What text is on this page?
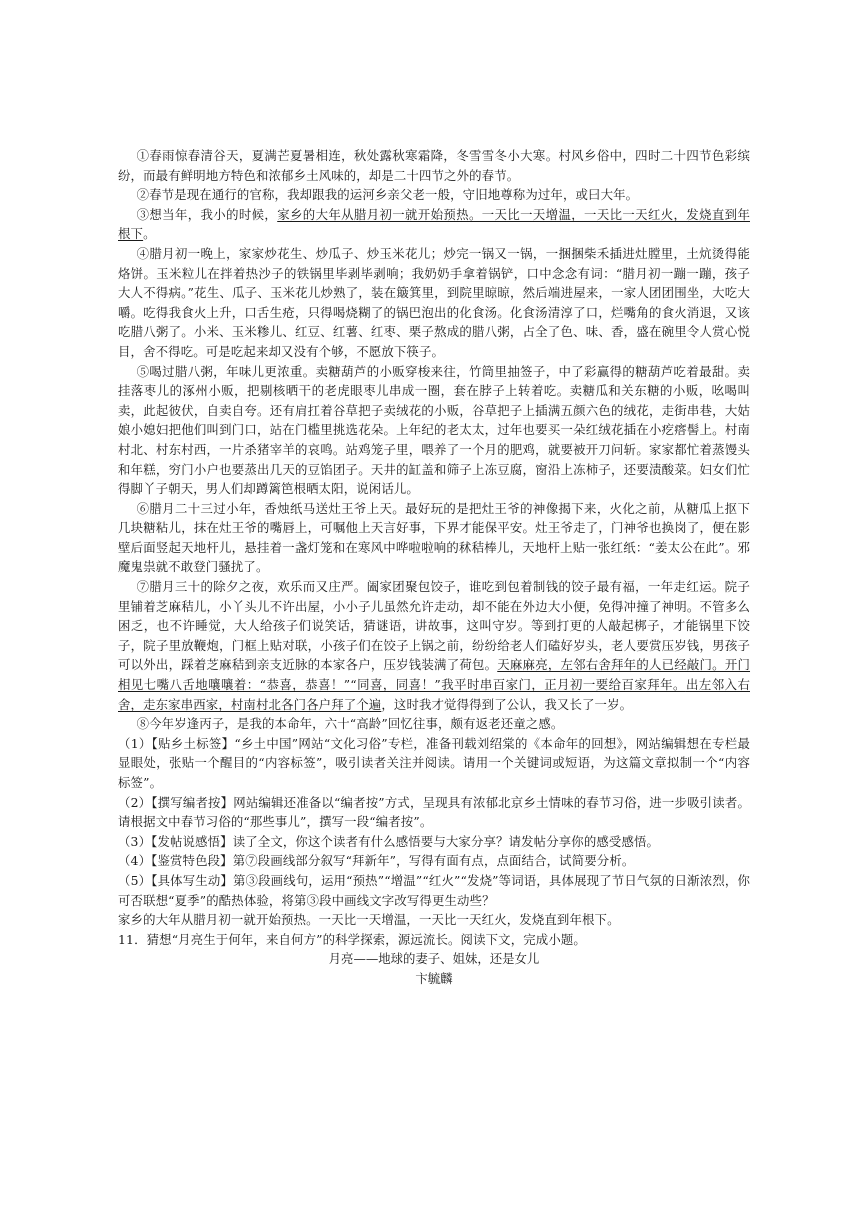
①春雨惊春清谷天，夏满芒夏暑相连，秋处露秋寒霜降，冬雪雪冬小大寒。村风乡俗中，四时二十四节色彩缤纷，而最有鲜明地方特色和浓郁乡土风味的，却是二十四节之外的春节。

②春节是现在通行的官称，我却跟我的运河乡亲父老一般，守旧地尊称为过年，或曰大年。

③想当年，我小的时候，家乡的大年从腊月初一就开始预热。一天比一天增温，一天比一天红火，发烧直到年根下。

④腊月初一晚上，家家炒花生、炒瓜子、炒玉米花儿；炒完一锅又一锅，一捆捆柴禾插进灶膛里，土炕烫得能烙饼。玉米粒儿在拌着热沙子的铁锅里毕剥毕剥响；我奶奶手拿着锅铲，口中念念有词：“腊月初一蹦一蹦，孩子大人不得病。”花生、瓜子、玉米花儿炒熟了，装在簸箕里，到院里晾晾，然后端进屋来，一家人团团围坐，大吃大嚼。吃得我食火上升，口舌生疮，只得喝烧糊了的锅巴泡出的化食汤。化食汤清淳了口，烂嘴角的食火消退，又该吃腊八粥了。小米、玉米糁儿、红豆、红薯、红枣、栗子熬成的腊八粥，占全了色、味、香，盛在碗里令人赏心悦目，舍不得吃。可是吃起来却又没有个够，不愿放下筷子。

⑤喝过腊八粥，年味儿更浓重。卖糖葫芦的小贩穿梭来往，竹筒里抽签子，中了彩赢得的糖葫芦吃着最甜。卖挂落枣儿的涿州小贩，把剔核晒干的老虎眼枣儿串成一圈，套在脖子上转着吃。卖糖瓜和关东糖的小贩，吆喝叫卖，此起彼伏，自卖自夸。还有肩扛着谷草把子卖绒花的小贩，谷草把子上插满五颜六色的绒花，走街串巷，大姑娘小媳妇把他们叫到门口，站在门槛里挑选花朵。上年纪的老太太，过年也要买一朵红绒花插在小疙瘩髻上。村南村北、村东村西，一片杀猪宰羊的哀鸣。站鸡笼子里，喂养了一个月的肥鸡，就要被开刀问斩。家家都忙着蒸馒头和年糕，穷门小户也要蒸出几天的豆馅团子。天井的缸盖和筛子上冻豆腐，窗沿上冻柿子，还要渍酸菜。妇女们忙得脚丫子朝天，男人们却蹲篱笆根晒太阳，说闲话儿。

⑥腊月二十三过小年，香烛纸马送灶王爷上天。最好玩的是把灶王爷的神像揭下来，火化之前，从糖瓜上抠下几块糖粘儿，抹在灶王爷的嘴唇上，可嘱他上天言好事，下界才能保平安。灶王爷走了，门神爷也换岗了，便在影壁后面竖起天地杆儿，悬挂着一盏灯笼和在寒风中哗啦啦响的秫秸棒儿，天地杆上贴一张红纸：“姜太公在此”。邪魔鬼祟就不敢登门骚扰了。

⑦腊月三十的除夕之夜，欢乐而又庄严。阖家团聚包饺子，谁吃到包着制钱的饺子最有福，一年走红运。院子里铺着芝麻秸儿，小丫头儿不许出屋，小小子儿虽然允许走动，却不能在外边大小便，免得冲撞了神明。不管多么困乏，也不许睡觉，大人给孩子们说笑话，猜谜语，讲故事，这叫守岁。等到打更的人敲起梆子，才能锅里下饺子，院子里放鞭炮，门框上贴对联，小孩子们在饺子上锅之前，纷纷给老人们磕好岁头，老人要赏压岁钱，男孩子可以外出，踩着芝麻秸到亲支近脉的本家各户，压岁钱装满了荷包。天麻麻亮，左邻右舍拜年的人已经敲门。开门相见七嘴八舌地嚷嚷着：“恭喜，恭喜！”“同喜，同喜！”我平时串百家门，正月初一要给百家拜年。出左邻入右舍，走东家串西家，村南村北各门各户拜了个遍，这时我才觉得得到了公认，我又长了一岁。

⑧今年岁逢丙子，是我的本命年，六十“高龄”回忆往事，颇有返老还童之感。

（1）【贴乡土标签】“乡土中国”网站“文化习俗”专栏，准备刊载刘绍棠的《本命年的回想》，网站编辑想在专栏最显眼处，张贴一个醒目的“内容标签”，吸引读者关注并阅读。请用一个关键词或短语，为这篇文章拟制一个“内容标签”。

（2）【撰写编者按】网站编辑还准备以“编者按”方式，呈现具有浓郁北京乡土情味的春节习俗，进一步吸引读者。请根据文中春节习俗的“那些事儿”，撰写一段“编者按”。

（3）【发帖说感悟】读了全文，你这个读者有什么感悟要与大家分享？请发帖分享你的感受感悟。

（4）【鉴赏特色段】第⑦段画线部分叙写“拜新年”，写得有面有点，点面结合，试简要分析。

（5）【具体写生动】第③段画线句，运用“预热”“增温”“红火”“发烧”等词语，具体展现了节日气氛的日渐浓烈，你可否联想“夏季”的酷热体验，将第③段中画线文字改写得更生动些？

家乡的大年从腊月初一就开始预热。一天比一天增温，一天比一天红火，发烧直到年根下。

11．猜想“月亮生于何年，来自何方”的科学探索，源远流长。阅读下文，完成小题。

月亮——地球的妻子、姐妹，还是女儿

卞毓麟
